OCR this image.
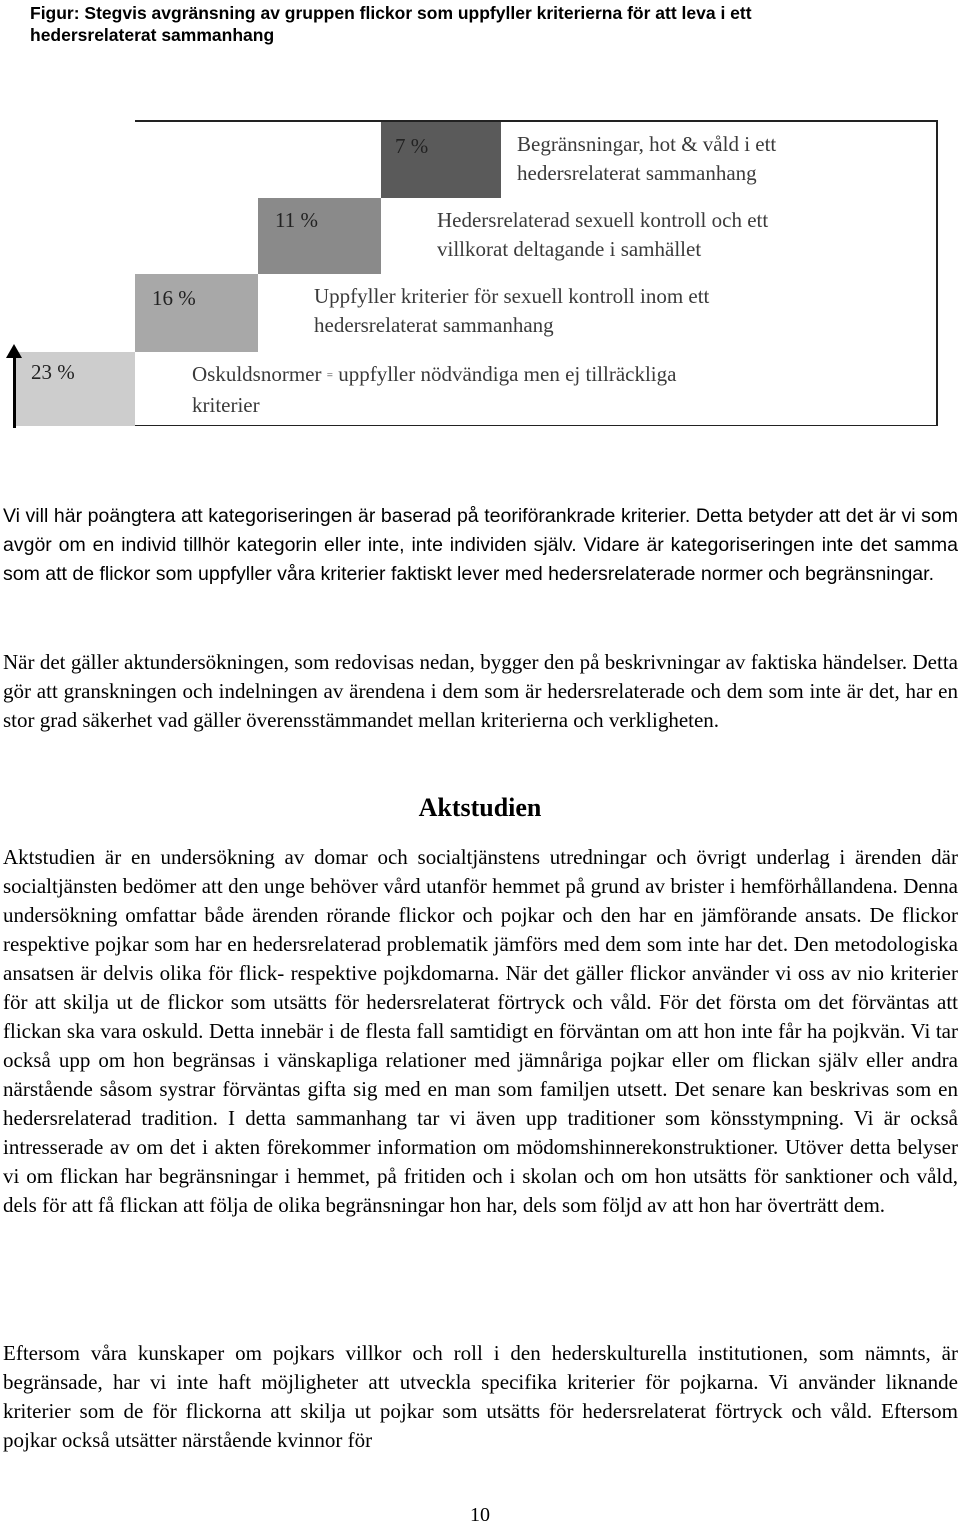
Figur: Stegvis avgränsning av gruppen flickor som uppfyller kriterierna för att leva i ett hedersrelaterat sammanhang
23 %	Oskuldsnormer = uppfyller nödvändiga men ej tillräckliga
kriterier
16 %	Uppfyller kriterier för sexuell kontroll inom ett
hedersrelaterat sammanhang
11 %	Hedersrelaterad sexuell kontroll och ett
villkorat deltagande i samhället
7 %	Begränsningar, hot & våld i ett
hedersrelaterat sammanhang
Vi vill här poängtera att kategoriseringen är baserad på teoriförankrade kriterier. Detta betyder att det är vi som avgör om en individ tillhör kategorin eller inte, inte individen själv. Vidare är kategoriseringen inte det samma som att de flickor som uppfyller våra kriterier faktiskt lever med hedersrelaterade normer och begränsningar.
När det gäller aktundersökningen, som redovisas nedan, bygger den på beskrivningar av faktiska händelser. Detta gör att granskningen och indelningen av ärendena i dem som är hedersrelaterade och dem som inte är det, har en stor grad säkerhet vad gäller överensstämmandet mellan kriterierna och verkligheten.
Aktstudien
Aktstudien är en undersökning av domar och socialtjänstens utredningar och övrigt underlag i ärenden där socialtjänsten bedömer att den unge behöver vård utanför hemmet på grund av brister i hemförhållandena. Denna undersökning omfattar både ärenden rörande flickor och pojkar och den har en jämförande ansats. De flickor respektive pojkar som har en hedersrelaterad problematik jämförs med dem som inte har det. Den metodologiska ansatsen är delvis olika för flick- respektive pojkdomarna. När det gäller flickor använder vi oss av nio kriterier för att skilja ut de flickor som utsätts för hedersrelaterat förtryck och våld. För det första om det förväntas att flickan ska vara oskuld. Detta innebär i de flesta fall samtidigt en förväntan om att hon inte får ha pojkvän. Vi tar också upp om hon begränsas i vänskapliga relationer med jämnåriga pojkar eller om flickan själv eller andra närstående såsom systrar förväntas gifta sig med en man som familjen utsett. Det senare kan beskrivas som en hedersrelaterad tradition. I detta sammanhang tar vi även upp traditioner som könsstympning. Vi är också intresserade av om det i akten förekommer information om mödomshinnerekonstruktioner. Utöver detta belyser vi om flickan har begränsningar i hemmet, på fritiden och i skolan och om hon utsätts för sanktioner och våld, dels för att få flickan att följa de olika begränsningar hon har, dels som följd av att hon har överträtt dem.
Eftersom våra kunskaper om pojkars villkor och roll i den hederskulturella institutionen, som nämnts, är begränsade, har vi inte haft möjligheter att utveckla specifika kriterier för pojkarna. Vi använder liknande kriterier som de för flickorna att skilja ut pojkar som utsätts för hedersrelaterat förtryck och våld. Eftersom pojkar också utsätter närstående kvinnor för
10
